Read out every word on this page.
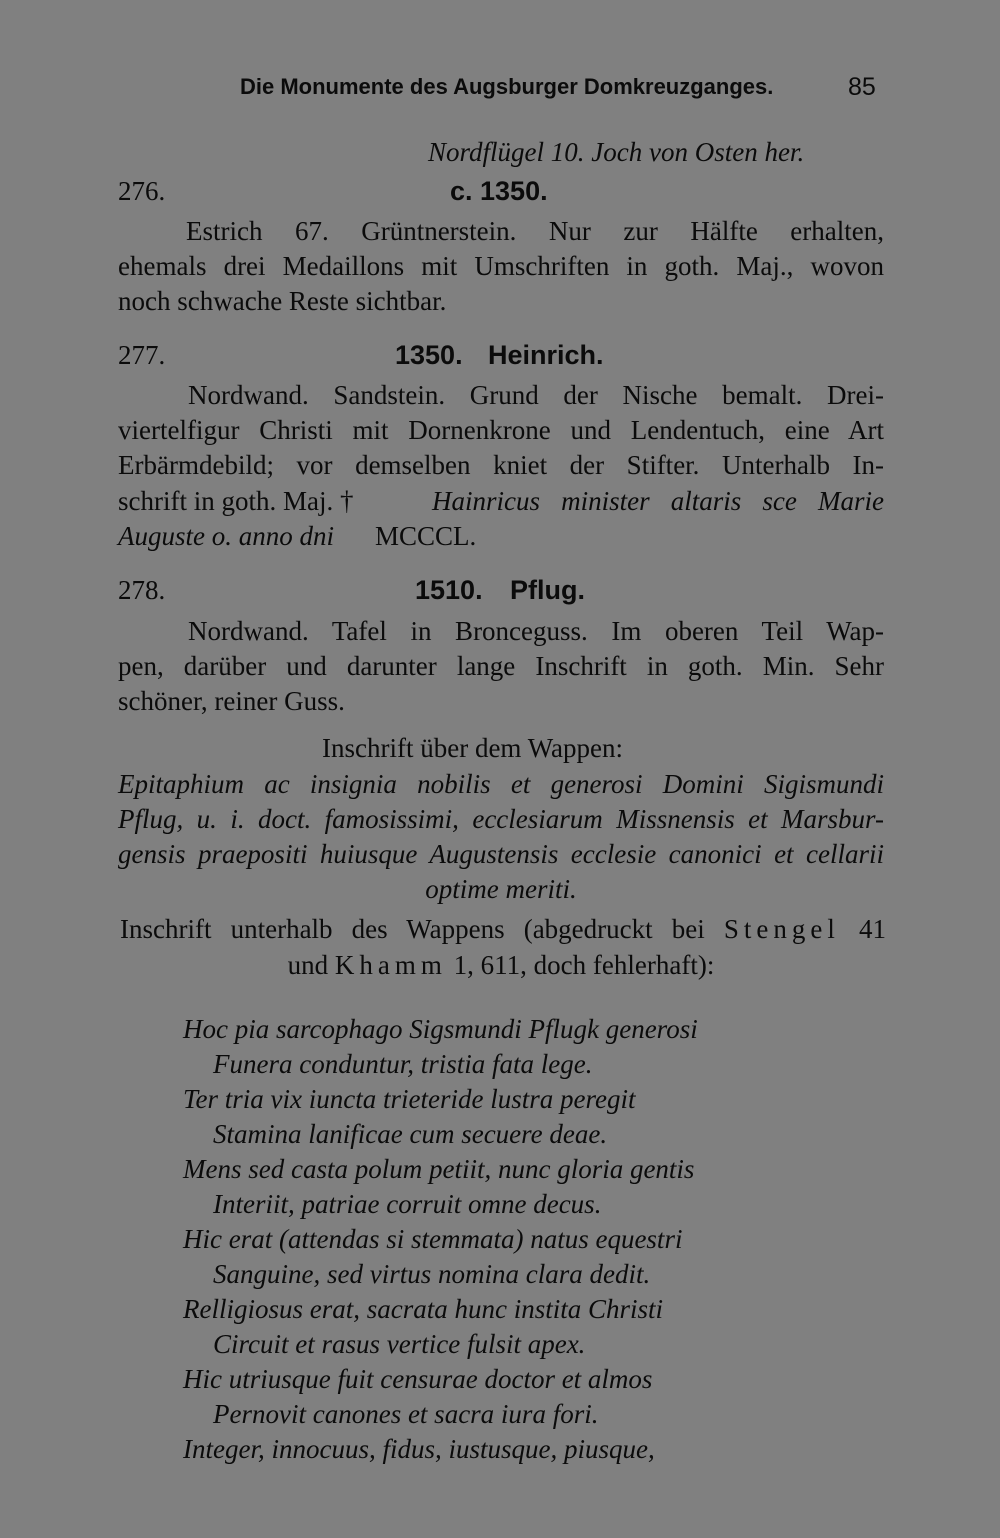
Die Monumente des Augsburger Domkreuzganges.	85
Nordflügel 10. Joch von Osten her.
276.	c. 1350.
Estrich 67. Grüntnerstein. Nur zur Hälfte erhalten,
ehemals drei Medaillons mit Umschriften in goth. Maj., wovon
noch schwache Reste sichtbar.
277.	1350. Heinrich.
Nordwand. Sandstein. Grund der Nische bemalt. Drei-
viertelfigur Christi mit Dornenkrone und Lendentuch, eine Art
Erbärmdebild; vor demselben kniet der Stifter. Unterhalb In-
schrift in goth. Maj. †	Hainricus minister altaris sce Marie
Auguste o. anno dni MCCCL.
278.	1510. Pflug.
Nordwand. Tafel in Bronceguss. Im oberen Teil Wap-
pen, darüber und darunter lange Inschrift in goth. Min. Sehr
schöner, reiner Guss.
Inschrift über dem Wappen:
Epitaphium ac insignia nobilis et generosi Domini Sigismundi
Pflug, u. i. doct. famosissimi, ecclesiarum Missnensis et Marsbur-
gensis praepositi huiusque Augustensis ecclesie canonici et cellarii
optime meriti.
Inschrift unterhalb des Wappens (abgedruckt bei Stengel 41
und Khamm 1, 611, doch fehlerhaft):
Hoc pia sarcophago Sigsmundi Pflugk generosi
Funera conduntur, tristia fata lege.
Ter tria vix iuncta trieteride lustra peregit
Stamina lanificae cum secuere deae.
Mens sed casta polum petiit, nunc gloria gentis
Interiit, patriae corruit omne decus.
Hic erat (attendas si stemmata) natus equestri
Sanguine, sed virtus nomina clara dedit.
Relligiosus erat, sacrata hunc instita Christi
Circuit et rasus vertice fulsit apex.
Hic utriusque fuit censurae doctor et almos
Pernovit canones et sacra iura fori.
Integer, innocuus, fidus, iustusque, piusque,
